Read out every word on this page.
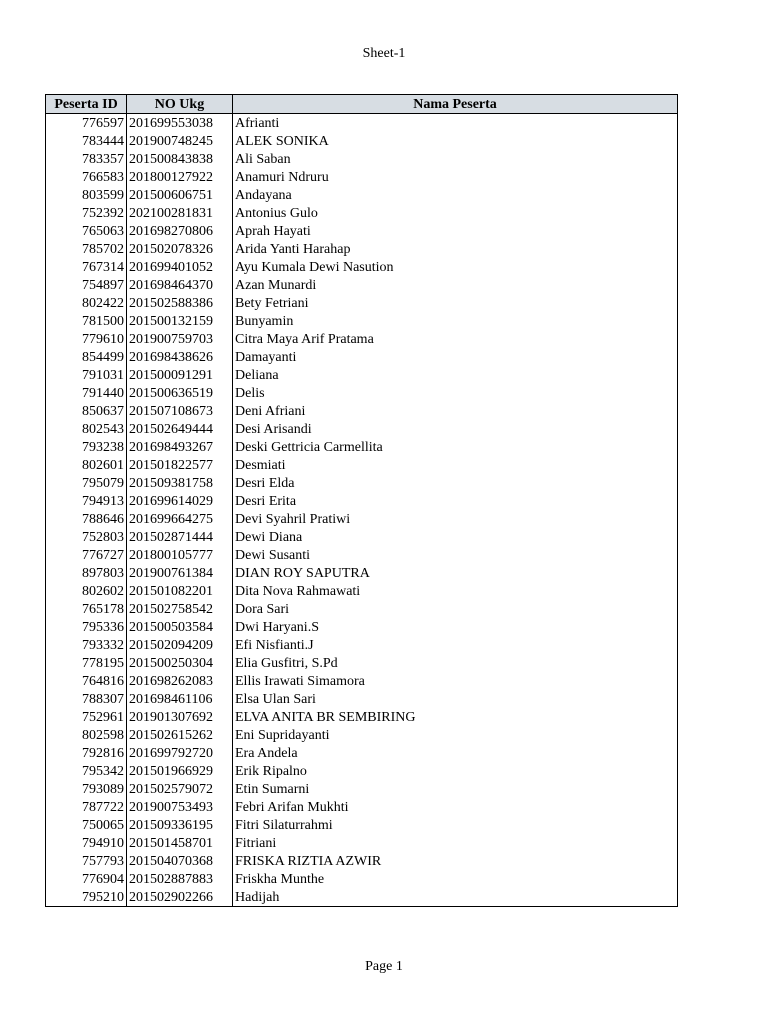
Sheet-1
Peserta ID	NO Ukg	Nama Peserta
776597	201699553038	Afrianti
783444	201900748245	ALEK SONIKA
783357	201500843838	Ali Saban
766583	201800127922	Anamuri Ndruru
803599	201500606751	Andayana
752392	202100281831	Antonius Gulo
765063	201698270806	Aprah Hayati
785702	201502078326	Arida Yanti Harahap
767314	201699401052	Ayu Kumala Dewi Nasution
754897	201698464370	Azan Munardi
802422	201502588386	Bety Fetriani
781500	201500132159	Bunyamin
779610	201900759703	Citra Maya Arif Pratama
854499	201698438626	Damayanti
791031	201500091291	Deliana
791440	201500636519	Delis
850637	201507108673	Deni Afriani
802543	201502649444	Desi Arisandi
793238	201698493267	Deski Gettricia Carmellita
802601	201501822577	Desmiati
795079	201509381758	Desri Elda
794913	201699614029	Desri Erita
788646	201699664275	Devi Syahril Pratiwi
752803	201502871444	Dewi Diana
776727	201800105777	Dewi Susanti
897803	201900761384	DIAN ROY SAPUTRA
802602	201501082201	Dita Nova Rahmawati
765178	201502758542	Dora Sari
795336	201500503584	Dwi Haryani.S
793332	201502094209	Efi Nisfianti.J
778195	201500250304	Elia Gusfitri, S.Pd
764816	201698262083	Ellis Irawati Simamora
788307	201698461106	Elsa Ulan Sari
752961	201901307692	ELVA ANITA BR SEMBIRING
802598	201502615262	Eni Supridayanti
792816	201699792720	Era Andela
795342	201501966929	Erik Ripalno
793089	201502579072	Etin Sumarni
787722	201900753493	Febri Arifan Mukhti
750065	201509336195	Fitri Silaturrahmi
794910	201501458701	Fitriani
757793	201504070368	FRISKA RIZTIA AZWIR
776904	201502887883	Friskha Munthe
795210	201502902266	Hadijah
Page 1
